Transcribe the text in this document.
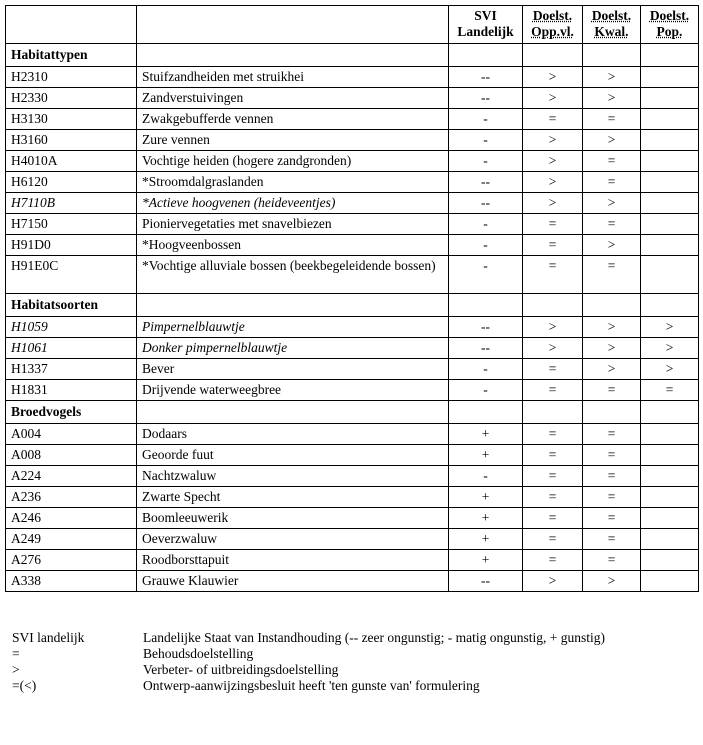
		SVI Landelijk	Doelst. Opp.vl.	Doelst. Kwal.	Doelst. Pop.
Habitattypen					
H2310	Stuifzandheiden met struikhei	--	>	>	
H2330	Zandverstuivingen	--	>	>	
H3130	Zwakgebufferde vennen	-	=	=	
H3160	Zure vennen	-	>	>	
H4010A	Vochtige heiden (hogere zandgronden)	-	>	=	
H6120	*Stroomdalgraslanden	--	>	=	
H7110B	*Actieve hoogvenen (heideveentjes)	--	>	>	
H7150	Pioniervegetaties met snavelbiezen	-	=	=	
H91D0	*Hoogveenbossen	-	=	>	
H91E0C	*Vochtige alluviale bossen (beekbegeleidende bossen)	-	=	=	
Habitatsoorten					
H1059	Pimpernelblauwtje	--	>	>	>
H1061	Donker pimpernelblauwtje	--	>	>	>
H1337	Bever	-	=	>	>
H1831	Drijvende waterweegbree	-	=	=	=
Broedvogels					
A004	Dodaars	+	=	=	
A008	Geoorde fuut	+	=	=	
A224	Nachtzwaluw	-	=	=	
A236	Zwarte Specht	+	=	=	
A246	Boomleeuwerik	+	=	=	
A249	Oeverzwaluw	+	=	=	
A276	Roodborsttapuit	+	=	=	
A338	Grauwe Klauwier	--	>	>	
SVI landelijk	Landelijke Staat van Instandhouding (-- zeer ongunstig; - matig ongunstig, + gunstig)
=	Behoudsdoelstelling
>	Verbeter- of uitbreidingsdoelstelling
=(<)	Ontwerp-aanwijzingsbesluit heeft 'ten gunste van' formulering
